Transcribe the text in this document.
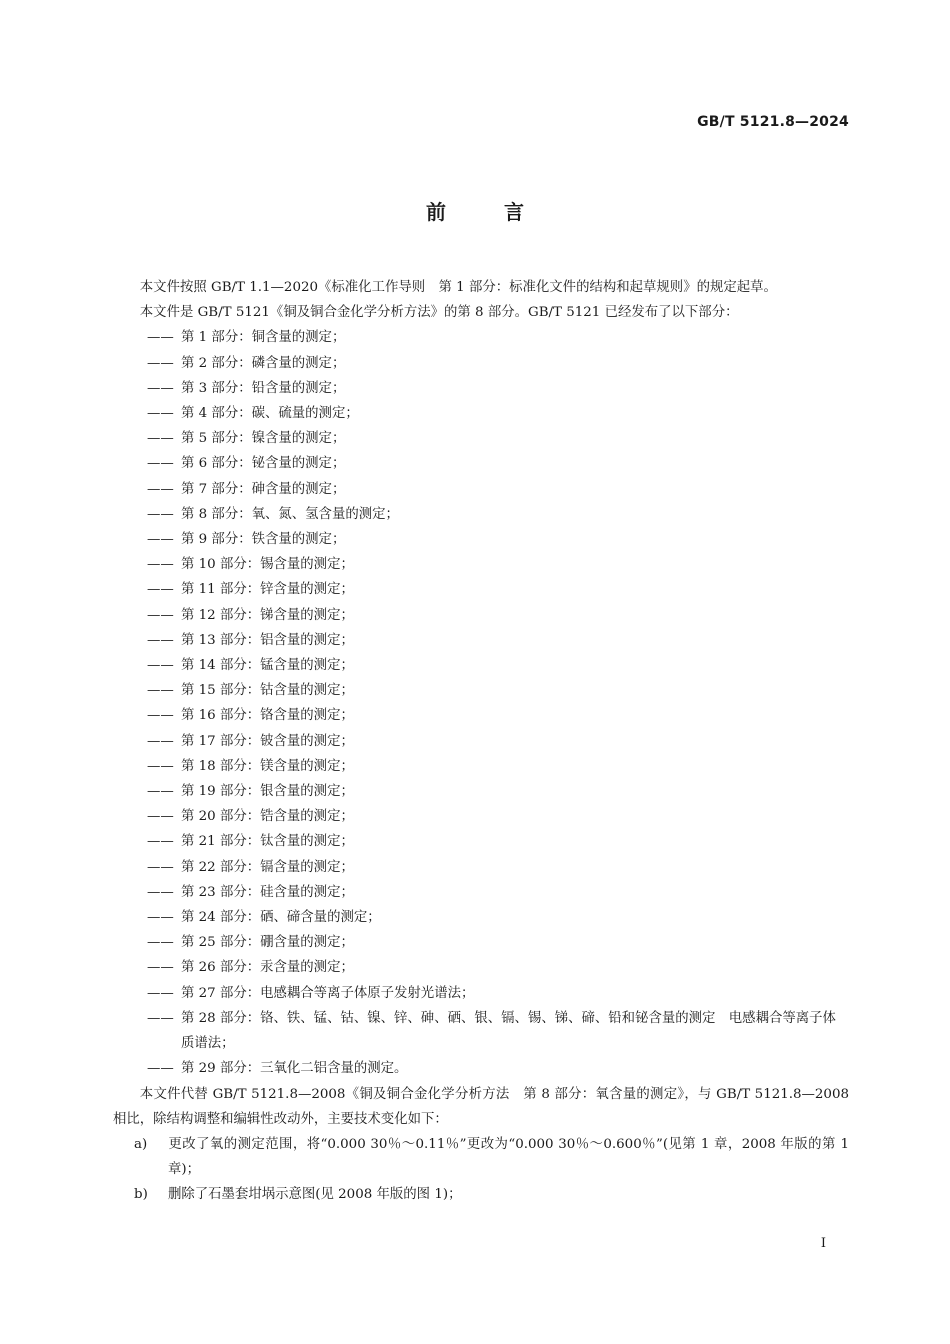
GB/T 5121.8—2024
前言

本文件按照 GB/T 1.1—2020《标准化工作导则　第 1 部分：标准化文件的结构和起草规则》的规定起草。

本文件是 GB/T 5121《铜及铜合金化学分析方法》的第 8 部分。GB/T 5121 已经发布了以下部分：

—— 第 1 部分：铜含量的测定；
—— 第 2 部分：磷含量的测定；
—— 第 3 部分：铅含量的测定；
—— 第 4 部分：碳、硫量的测定；
—— 第 5 部分：镍含量的测定；
—— 第 6 部分：铋含量的测定；
—— 第 7 部分：砷含量的测定；
—— 第 8 部分：氧、氮、氢含量的测定；
—— 第 9 部分：铁含量的测定；
—— 第 10 部分：锡含量的测定；
—— 第 11 部分：锌含量的测定；
—— 第 12 部分：锑含量的测定；
—— 第 13 部分：铝含量的测定；
—— 第 14 部分：锰含量的测定；
—— 第 15 部分：钴含量的测定；
—— 第 16 部分：铬含量的测定；
—— 第 17 部分：铍含量的测定；
—— 第 18 部分：镁含量的测定；
—— 第 19 部分：银含量的测定；
—— 第 20 部分：锆含量的测定；
—— 第 21 部分：钛含量的测定；
—— 第 22 部分：镉含量的测定；
—— 第 23 部分：硅含量的测定；
—— 第 24 部分：硒、碲含量的测定；
—— 第 25 部分：硼含量的测定；
—— 第 26 部分：汞含量的测定；
—— 第 27 部分：电感耦合等离子体原子发射光谱法；
—— 第 28 部分：铬、铁、锰、钴、镍、锌、砷、硒、银、镉、锡、锑、碲、铅和铋含量的测定　电感耦合等离子体质谱法；
—— 第 29 部分：三氧化二铝含量的测定。

本文件代替 GB/T 5121.8—2008《铜及铜合金化学分析方法　第 8 部分：氧含量的测定》，与 GB/T 5121.8—2008 相比，除结构调整和编辑性改动外，主要技术变化如下：

a) 更改了氧的测定范围，将“0.000 30％～0.11％”更改为“0.000 30％～0.600％”(见第 1 章，2008 年版的第 1 章)；
b) 删除了石墨套坩埚示意图(见 2008 年版的图 1)；
I
